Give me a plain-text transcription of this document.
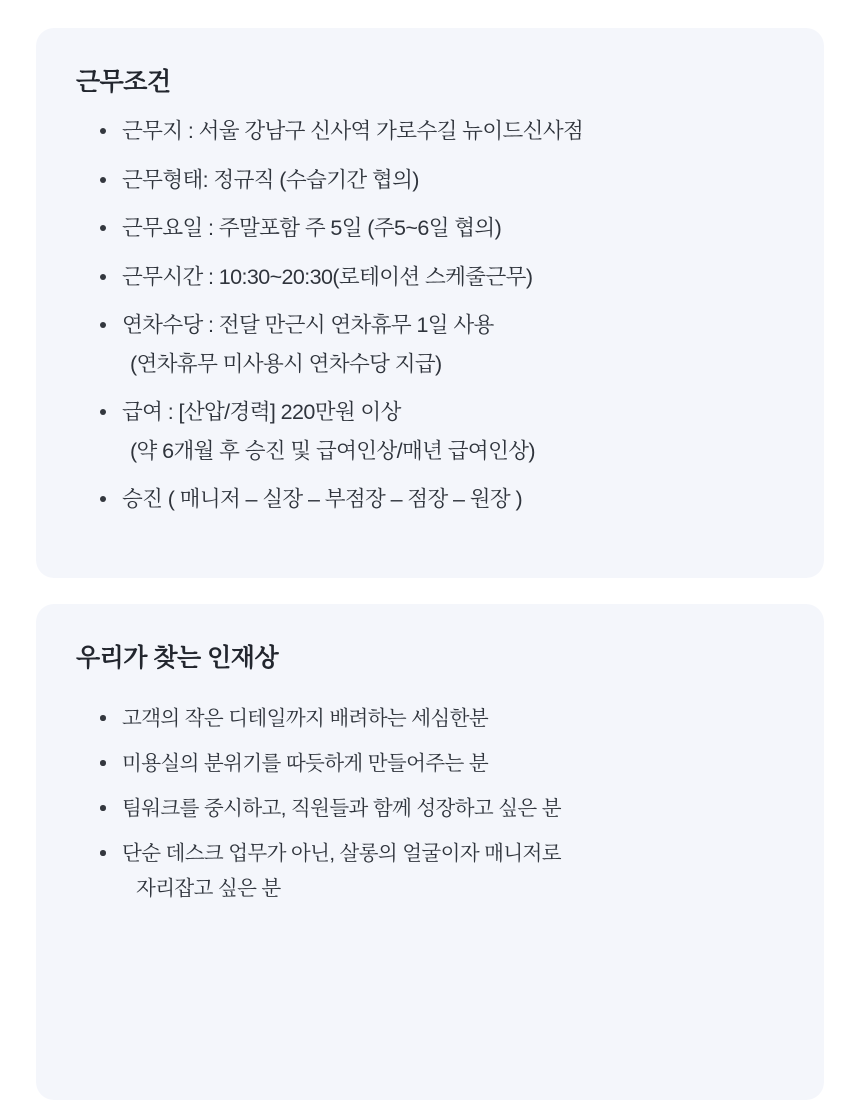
근무조건
근무지 : 서울 강남구 신사역 가로수길 뉴이드신사점
근무형태: 정규직 (수습기간 협의)
근무요일 : 주말포함 주 5일 (주5~6일 협의)
근무시간 : 10:30~20:30(로테이션 스케줄근무)
연차수당 : 전달 만근시 연차휴무 1일 사용
(연차휴무 미사용시 연차수당 지급)
급여 : [산압/경력] 220만원 이상
(약 6개월 후 승진 및 급여인상/매년 급여인상)
승진 ( 매니저 – 실장 – 부점장 – 점장 – 원장 )
우리가 찾는 인재상
고객의 작은 디테일까지 배려하는 세심한분
미용실의 분위기를 따듯하게 만들어주는 분
팀워크를 중시하고, 직원들과 함께 성장하고 싶은 분
단순 데스크 업무가 아닌, 살롱의 얼굴이자 매니저로
자리잡고 싶은 분
